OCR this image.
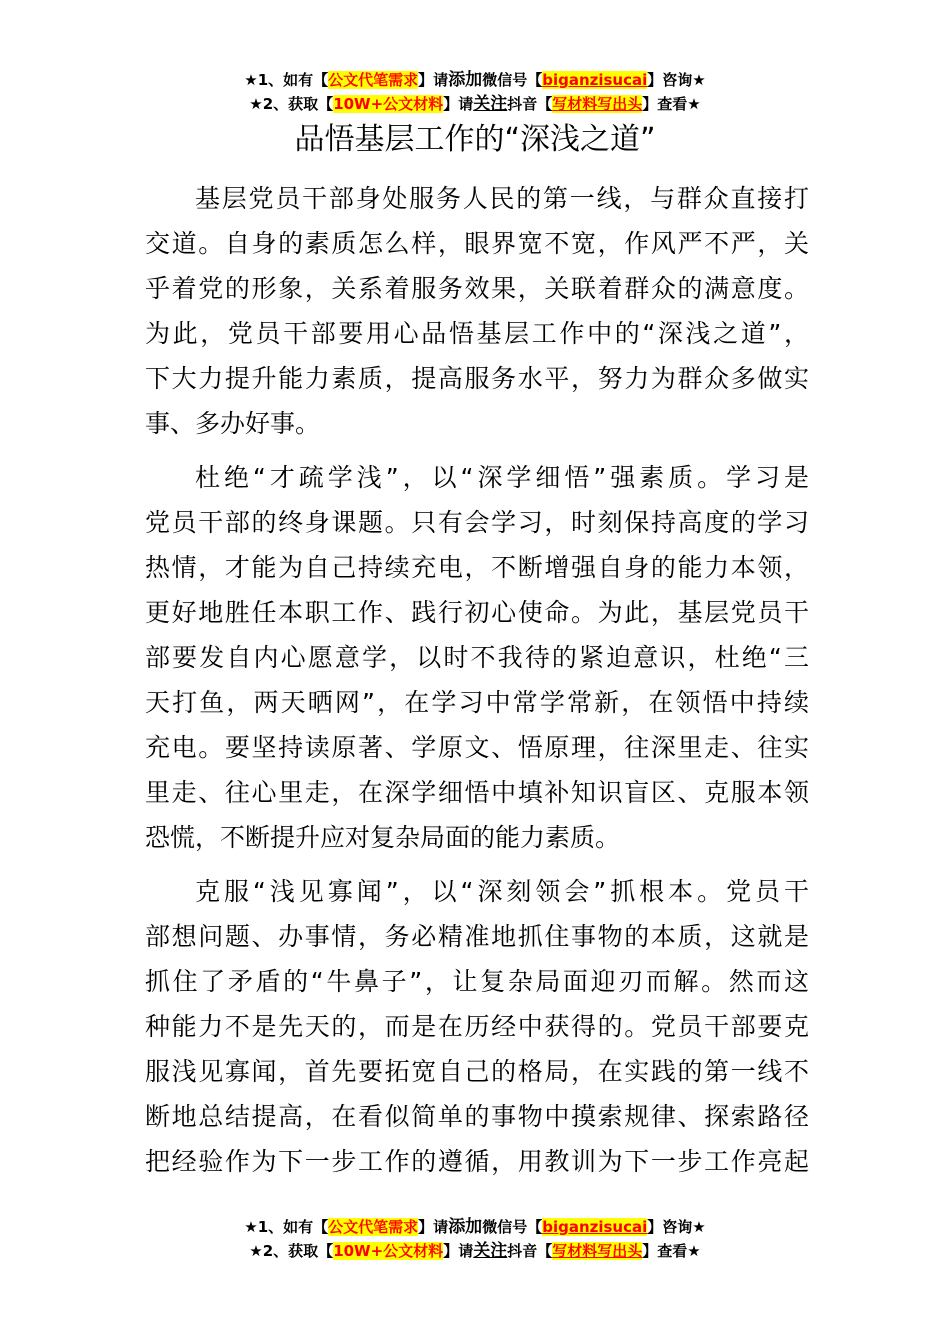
★1、如有【公文代笔需求】请添加微信号【biganzisucai】咨询★
★2、获取【10W+公文材料】请关注抖音【写材料写出头】查看★
品悟基层工作的“深浅之道”
基层党员干部身处服务人民的第一线，与群众直接打
交道。自身的素质怎么样，眼界宽不宽，作风严不严，关
乎着党的形象，关系着服务效果，关联着群众的满意度。
为此，党员干部要用心品悟基层工作中的“深浅之道”，
下大力提升能力素质，提高服务水平，努力为群众多做实
事、多办好事。
杜绝“才疏学浅”，以“深学细悟”强素质。学习是
党员干部的终身课题。只有会学习，时刻保持高度的学习
热情，才能为自己持续充电，不断增强自身的能力本领，
更好地胜任本职工作、践行初心使命。为此，基层党员干
部要发自内心愿意学，以时不我待的紧迫意识，杜绝“三
天打鱼，两天晒网”，在学习中常学常新，在领悟中持续
充电。要坚持读原著、学原文、悟原理，往深里走、往实
里走、往心里走，在深学细悟中填补知识盲区、克服本领
恐慌，不断提升应对复杂局面的能力素质。
克服“浅见寡闻”，以“深刻领会”抓根本。党员干
部想问题、办事情，务必精准地抓住事物的本质，这就是
抓住了矛盾的“牛鼻子”，让复杂局面迎刃而解。然而这
种能力不是先天的，而是在历经中获得的。党员干部要克
服浅见寡闻，首先要拓宽自己的格局，在实践的第一线不
断地总结提高，在看似简单的事物中摸索规律、探索路径
把经验作为下一步工作的遵循，用教训为下一步工作亮起
★1、如有【公文代笔需求】请添加微信号【biganzisucai】咨询★
★2、获取【10W+公文材料】请关注抖音【写材料写出头】查看★
